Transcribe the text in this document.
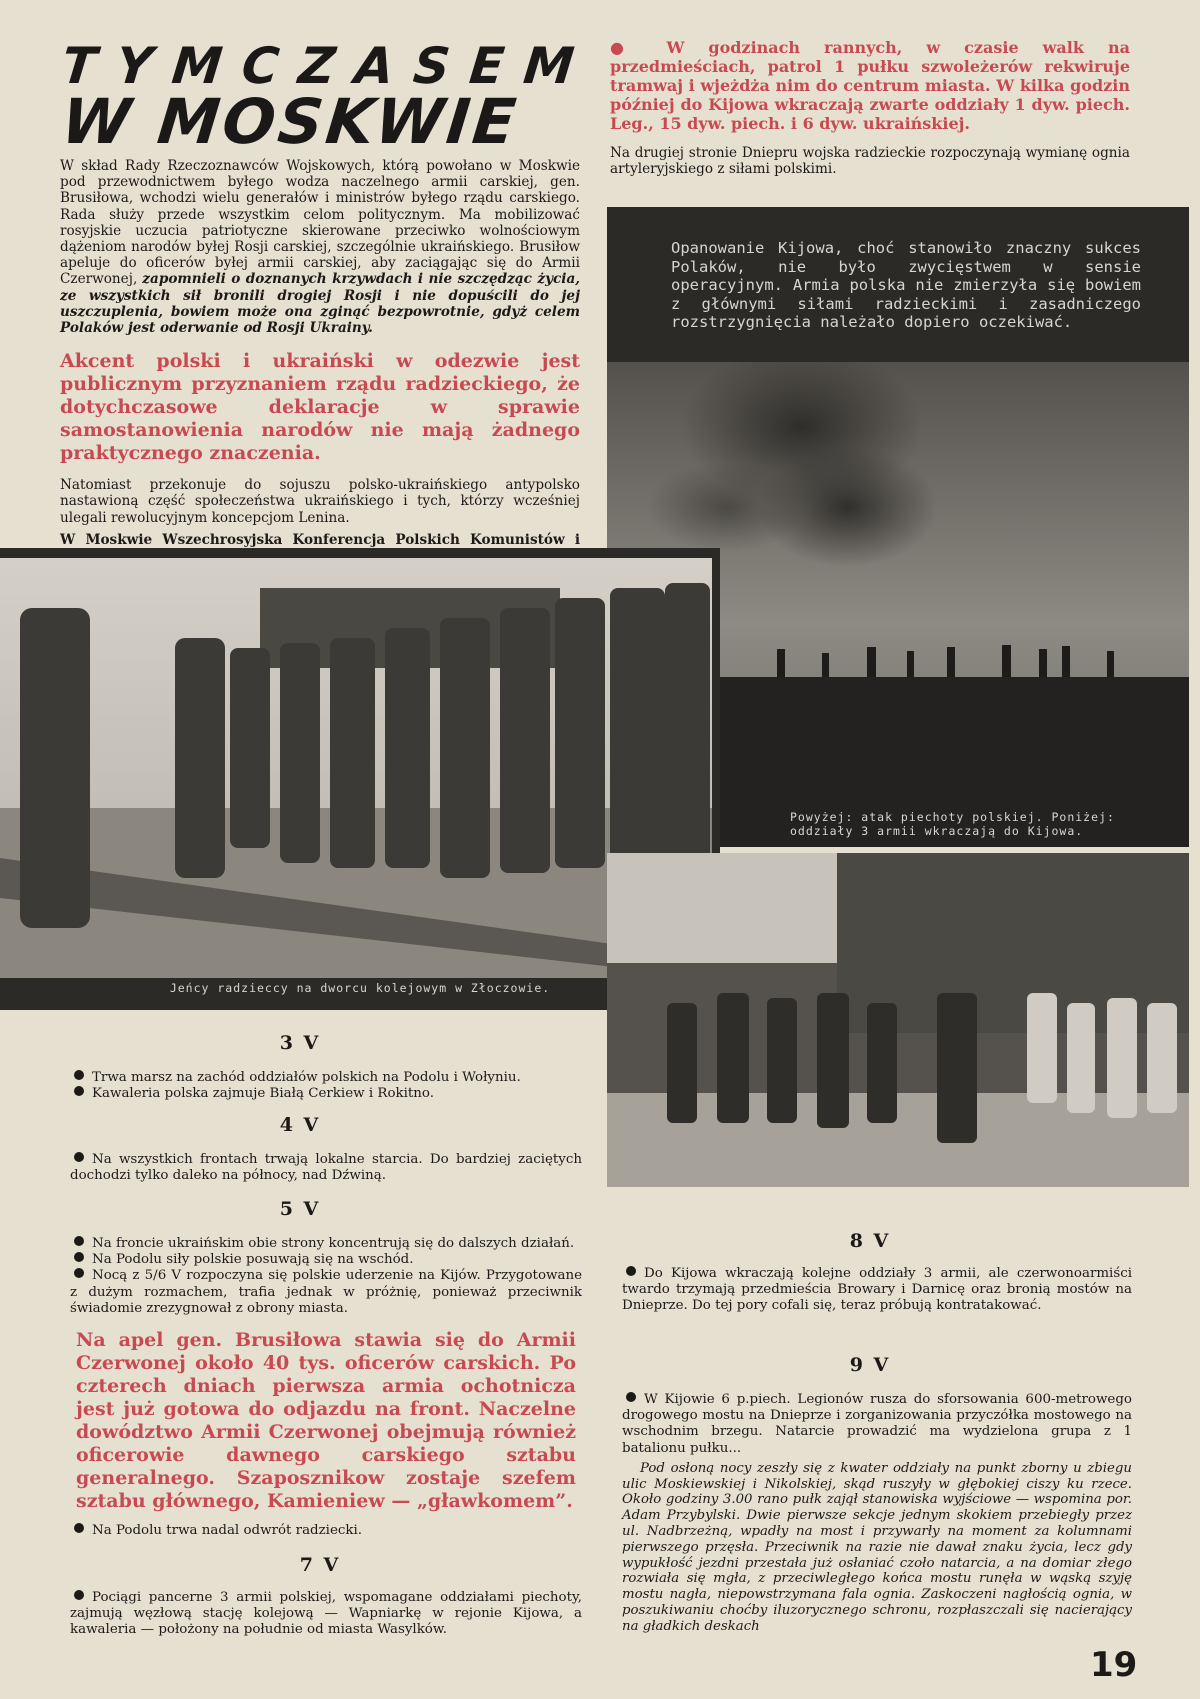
TYMCZASEM
W MOSKWIE

W skład Rady Rzeczoznawców Wojskowych, którą powołano w Moskwie pod przewodnictwem byłego wodza naczelnego armii carskiej, gen. Brusiłowa, wchodzi wielu generałów i ministrów byłego rządu carskiego. Rada służy przede wszystkim celom politycznym. Ma mobilizować rosyjskie uczucia patriotyczne skierowane przeciwko wolnościowym dążeniom narodów byłej Rosji carskiej, szczególnie ukraińskiego. Brusiłow apeluje do oficerów byłej armii carskiej, aby zaciągając się do Armii Czerwonej, zapomnieli o doznanych krzywdach i nie szczędząc życia, ze wszystkich sił bronili drogiej Rosji i nie dopuścili do jej uszczuplenia, bowiem może ona zginąć bezpowrotnie, gdyż celem Polaków jest oderwanie od Rosji Ukrainy.

Akcent polski i ukraiński w odezwie jest publicznym przyznaniem rządu radzieckiego, że dotychczasowe deklaracje w sprawie samostanowienia narodów nie mają żadnego praktycznego znaczenia.

Natomiast przekonuje do sojuszu polsko-ukraińskiego antypolsko nastawioną część społeczeństwa ukraińskiego i tych, którzy wcześniej ulegali rewolucyjnym koncepcjom Lenina.

W Moskwie Wszechrosyjska Konferencja Polskich Komunistów i

● W godzinach rannych, w czasie walk na przedmieściach, patrol 1 pułku szwoleżerów rekwiruje tramwaj i wjeżdża nim do centrum miasta. W kilka godzin później do Kijowa wkraczają zwarte oddziały 1 dyw. piech. Leg., 15 dyw. piech. i 6 dyw. ukraińskiej.

Na drugiej stronie Dniepru wojska radzieckie rozpoczynają wymianę ognia artyleryjskiego z siłami polskimi.

Opanowanie Kijowa, choć stanowiło znaczny sukces Polaków, nie było zwycięstwem w sensie operacyjnym. Armia polska nie zmierzyła się bowiem z głównymi siłami radzieckimi i zasadniczego rozstrzygnięcia należało dopiero oczekiwać.
Powyżej: atak piechoty polskiej. Poniżej: oddziały 3 armii wkraczają do Kijowa.
Jeńcy radzieccy na dworcu kolejowym w Złoczowie.
3 V

Trwa marsz na zachód oddziałów polskich na Podolu i Wołyniu.

Kawaleria polska zajmuje Białą Cerkiew i Rokitno.

4 V

Na wszystkich frontach trwają lokalne starcia. Do bardziej zaciętych dochodzi tylko daleko na północy, nad Dźwiną.

5 V

Na froncie ukraińskim obie strony koncentrują się do dalszych działań.

Na Podolu siły polskie posuwają się na wschód.

Nocą z 5/6 V rozpoczyna się polskie uderzenie na Kijów. Przygotowane z dużym rozmachem, trafia jednak w próżnię, ponieważ przeciwnik świadomie zrezygnował z obrony miasta.

Na apel gen. Brusiłowa stawia się do Armii Czerwonej około 40 tys. oficerów carskich. Po czterech dniach pierwsza armia ochotnicza jest już gotowa do odjazdu na front. Naczelne dowództwo Armii Czerwonej obejmują również oficerowie dawnego carskiego sztabu generalnego. Szaposznikow zostaje szefem sztabu głównego, Kamieniew — „gławkomem”.

Na Podolu trwa nadal odwrót radziecki.

7 V

Pociągi pancerne 3 armii polskiej, wspomagane oddziałami piechoty, zajmują węzłową stację kolejową — Wapniarkę w rejonie Kijowa, a kawaleria — położony na południe od miasta Wasylków.

8 V

Do Kijowa wkraczają kolejne oddziały 3 armii, ale czerwonoarmiści twardo trzymają przedmieścia Browary i Darnicę oraz bronią mostów na Dnieprze. Do tej pory cofali się, teraz próbują kontratakować.

9 V

W Kijowie 6 p.piech. Legionów rusza do sforsowania 600-metrowego drogowego mostu na Dnieprze i zorganizowania przyczółka mostowego na wschodnim brzegu. Natarcie prowadzić ma wydzielona grupa z 1 batalionu pułku...

Pod osłoną nocy zeszły się z kwater oddziały na punkt zborny u zbiegu ulic Moskiewskiej i Nikolskiej, skąd ruszyły w głębokiej ciszy ku rzece. Około godziny 3.00 rano pułk zajął stanowiska wyjściowe — wspomina por. Adam Przybylski. Dwie pierwsze sekcje jednym skokiem przebiegły przez ul. Nadbrzeżną, wpadły na most i przywarły na moment za kolumnami pierwszego przęsła. Przeciwnik na razie nie dawał znaku życia, lecz gdy wypukłość jezdni przestała już osłaniać czoło natarcia, a na domiar złego rozwiała się mgła, z przeciwległego końca mostu runęła w wąską szyję mostu nagła, niepowstrzymana fala ognia. Zaskoczeni nagłością ognia, w poszukiwaniu choćby iluzorycznego schronu, rozpłaszczali się nacierający na gładkich deskach

19
